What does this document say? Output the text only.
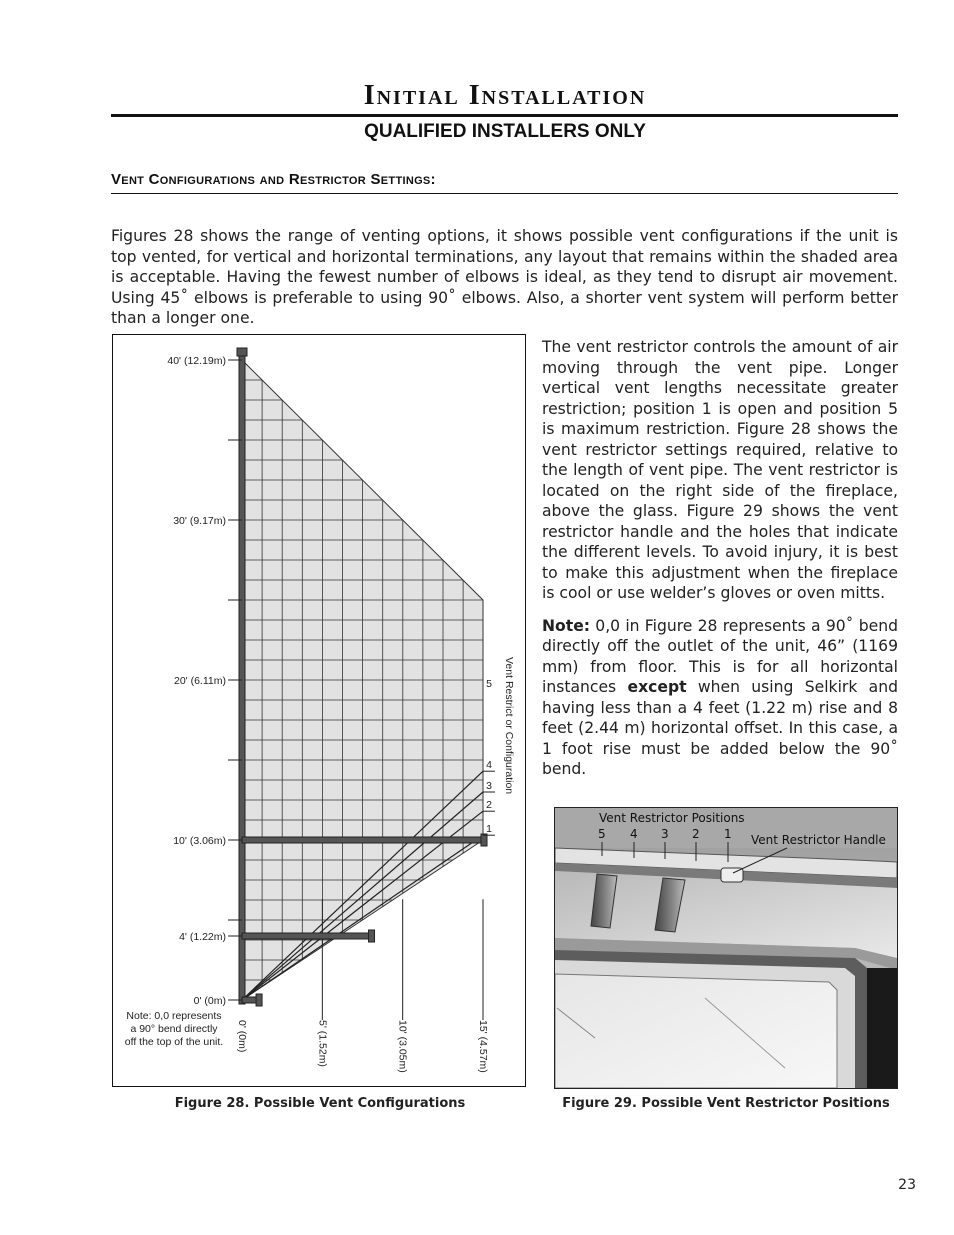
Initial Installation
QUALIFIED INSTALLERS ONLY
Vent Configurations and Restrictor Settings:
Figures 28 shows the range of venting options, it shows possible vent configurations if the unit is top vented, for vertical and horizontal terminations, any layout that remains within the shaded area is acceptable. Having the fewest number of elbows is ideal, as they tend to disrupt air movement. Using 45˚ elbows is preferable to using 90˚ elbows. Also, a shorter vent system will perform better than a longer one.
0' (0m)
4' (1.22m)
10' (3.06m)
20' (6.11m)
30' (9.17m)
40' (12.19m)
0' (0m)	5' (1.52m)	10' (3.05m)	15' (4.57m)
1
2
3
4
5 Vent Restrict or Configuration
Note: 0,0 represents
a 90° bend directly
off the top of the unit.
Figure 28. Possible Vent Configurations

The vent restrictor controls the amount of air moving through the vent pipe. Longer vertical vent lengths necessitate greater restriction; position 1 is open and position 5 is maximum restriction. Figure 28 shows the vent restrictor settings required, relative to the length of vent pipe. The vent restrictor is located on the right side of the fireplace, above the glass. Figure 29 shows the vent restrictor handle and the holes that indicate the different levels. To avoid injury, it is best to make this adjustment when the fireplace is cool or use welder’s gloves or oven mitts.

Note: 0,0 in Figure 28 represents a 90˚ bend directly off the outlet of the unit, 46” (1169 mm) from floor. This is for all horizontal instances except when using Selkirk and having less than a 4 feet (1.22 m) rise and 8 feet (2.44 m) horizontal offset. In this case, a 1 foot rise must be added below the 90˚ bend.

Vent Restrictor Positions
5 4 3 2 1 Vent Restrictor Handle
Figure 29. Possible Vent Restrictor Positions
23
